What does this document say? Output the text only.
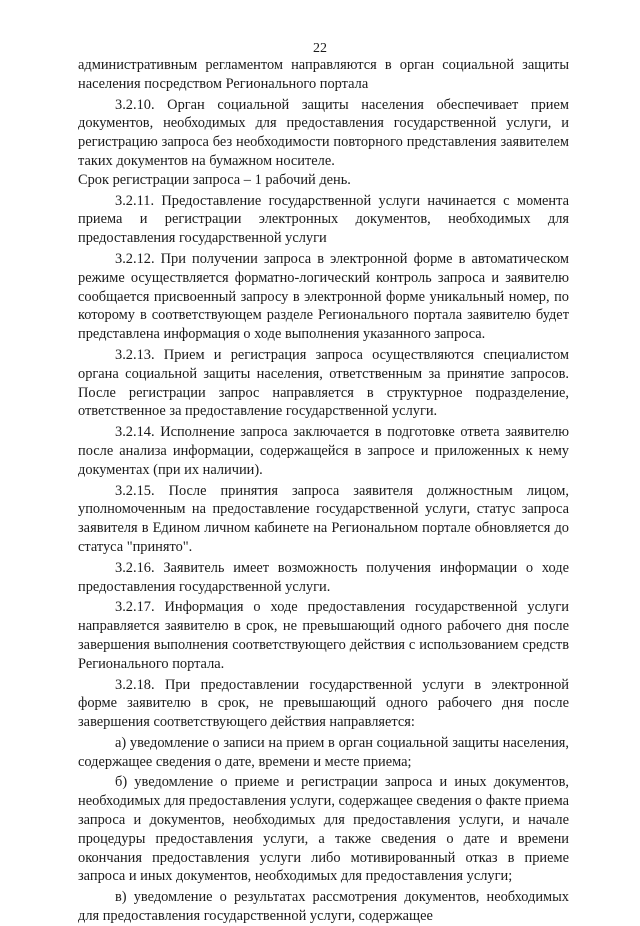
22

административным регламентом направляются в орган социальной защиты населения посредством Регионального портала

3.2.10. Орган социальной защиты населения обеспечивает прием документов, необходимых для предоставления государственной услуги, и регистрацию запроса без необходимости повторного представления заявителем таких документов на бумажном носителе.

Срок регистрации запроса – 1 рабочий день.

3.2.11. Предоставление государственной услуги начинается с момента приема и регистрации электронных документов, необходимых для предоставления государственной услуги

3.2.12. При получении запроса в электронной форме в автоматическом режиме осуществляется форматно-логический контроль запроса и заявителю сообщается присвоенный запросу в электронной форме уникальный номер, по которому в соответствующем разделе Регионального портала заявителю будет представлена информация о ходе выполнения указанного запроса.

3.2.13. Прием и регистрация запроса осуществляются специалистом органа социальной защиты населения, ответственным за принятие запросов. После регистрации запрос направляется в структурное подразделение, ответственное за предоставление государственной услуги.

3.2.14. Исполнение запроса заключается в подготовке ответа заявителю после анализа информации, содержащейся в запросе и приложенных к нему документах (при их наличии).

3.2.15. После принятия запроса заявителя должностным лицом, уполномоченным на предоставление государственной услуги, статус запроса заявителя в Едином личном кабинете на Региональном портале обновляется до статуса "принято".

3.2.16. Заявитель имеет возможность получения информации о ходе предоставления государственной услуги.

3.2.17. Информация о ходе предоставления государственной услуги направляется заявителю в срок, не превышающий одного рабочего дня после завершения выполнения соответствующего действия с использованием средств Регионального портала.

3.2.18. При предоставлении государственной услуги в электронной форме заявителю в срок, не превышающий одного рабочего дня после завершения соответствующего действия направляется:

а) уведомление о записи на прием в орган социальной защиты населения, содержащее сведения о дате, времени и месте приема;

б) уведомление о приеме и регистрации запроса и иных документов, необходимых для предоставления услуги, содержащее сведения о факте приема запроса и документов, необходимых для предоставления услуги, и начале процедуры предоставления услуги, а также сведения о дате и времени окончания предоставления услуги либо мотивированный отказ в приеме запроса и иных документов, необходимых для предоставления услуги;

в) уведомление о результатах рассмотрения документов, необходимых для предоставления государственной услуги, содержащее
